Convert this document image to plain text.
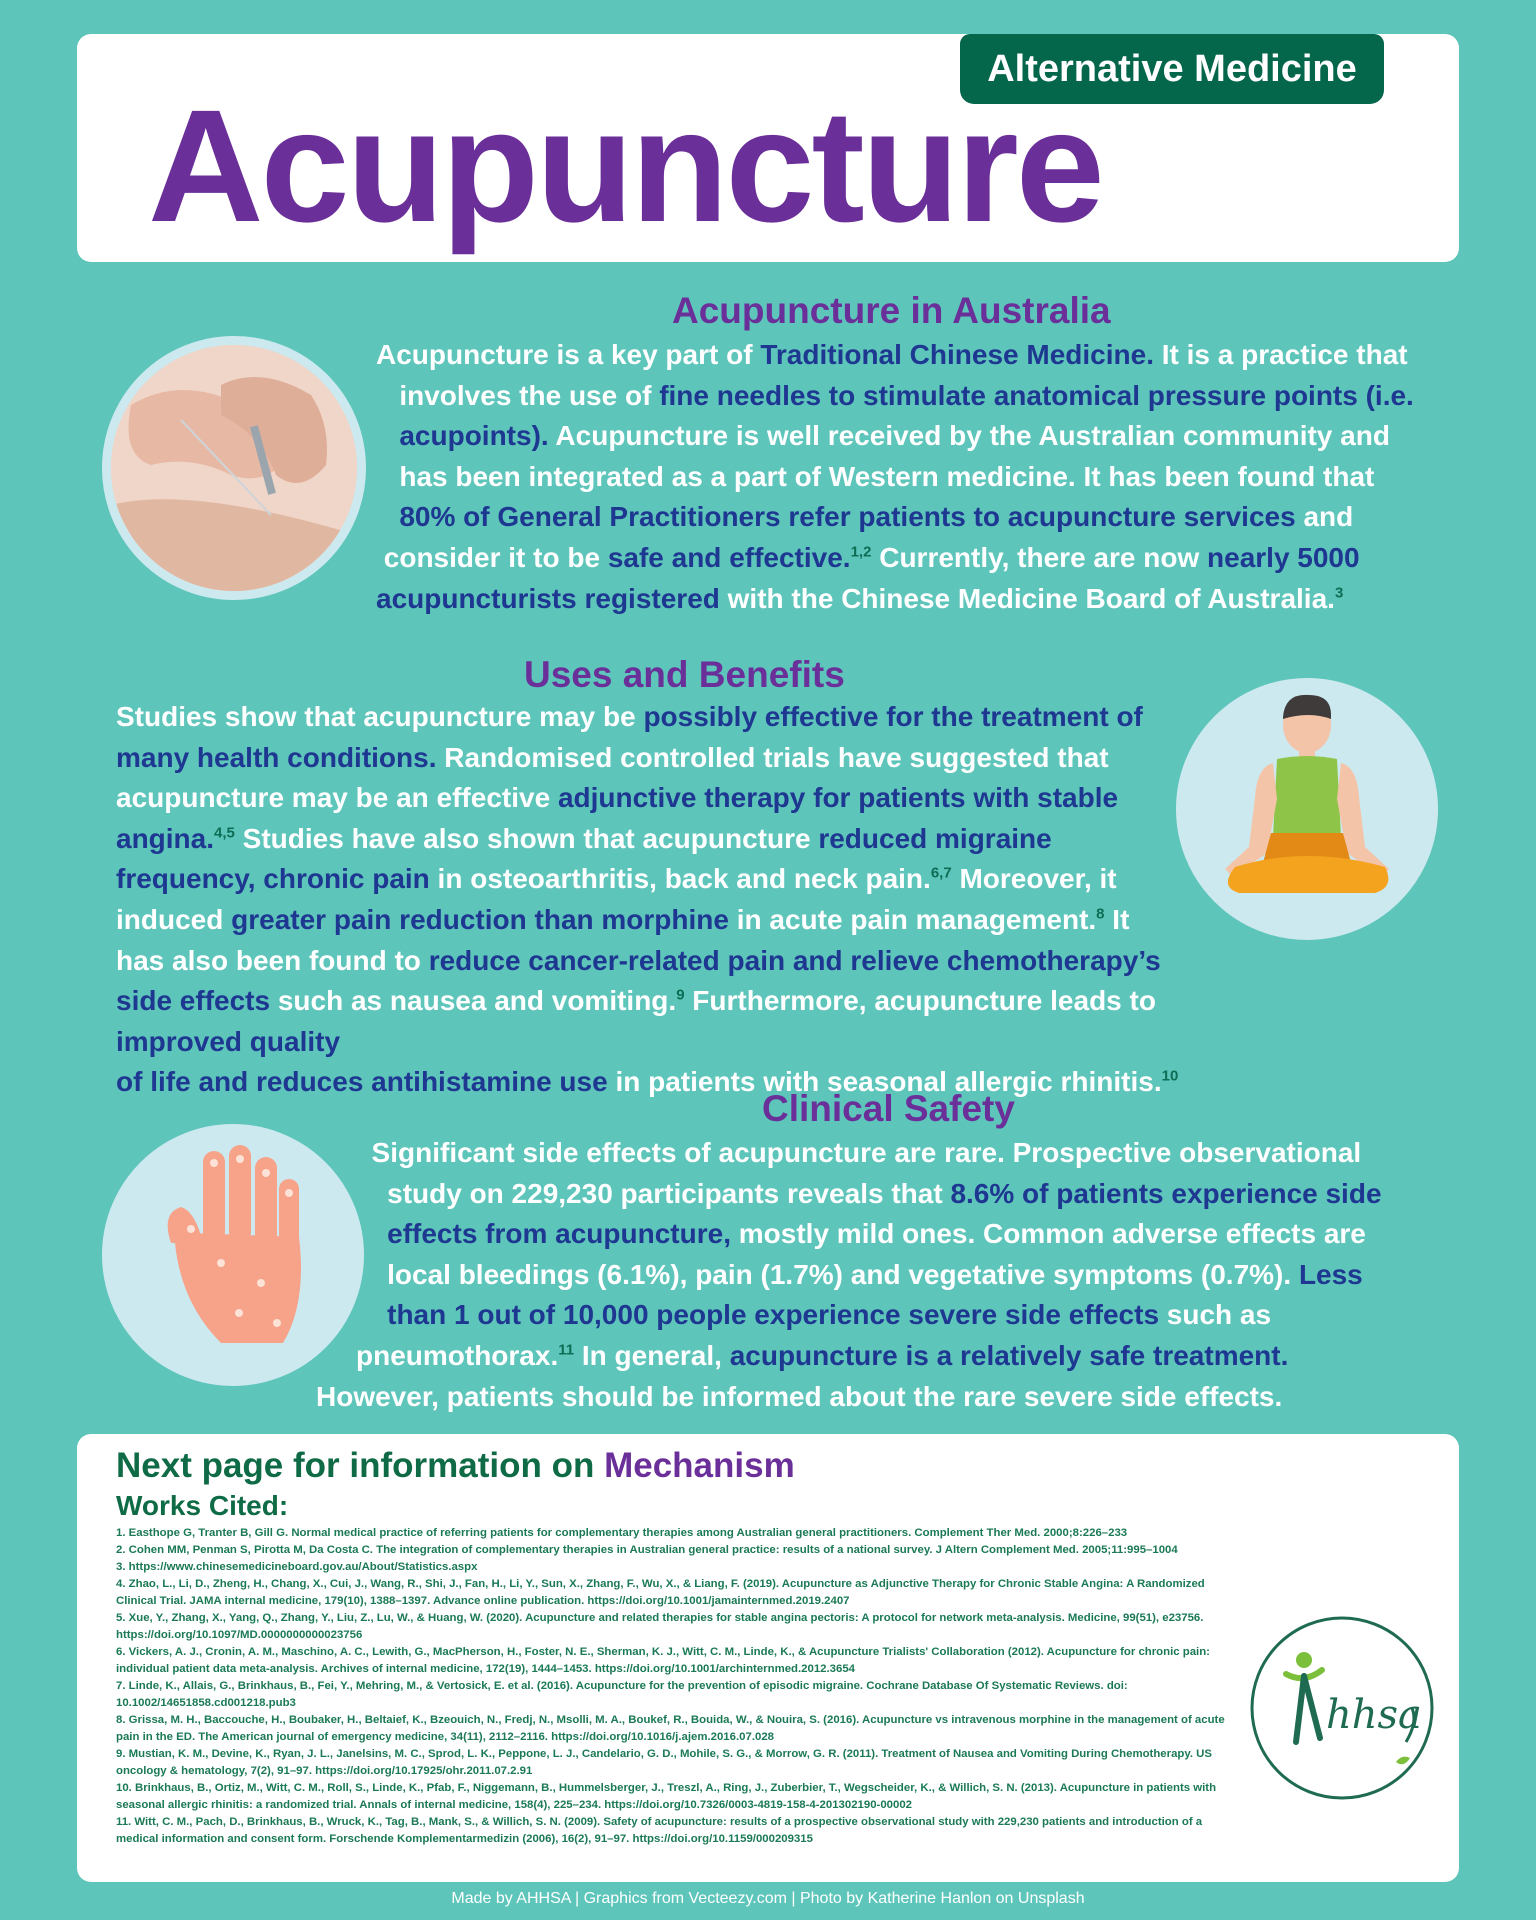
Alternative Medicine
Acupuncture
Acupuncture in Australia

Acupuncture is a key part of Traditional Chinese Medicine. It is a practice that
involves the use of fine needles to stimulate anatomical pressure points (i.e.
acupoints). Acupuncture is well received by the Australian community and
has been integrated as a part of Western medicine. It has been found that
80% of General Practitioners refer patients to acupuncture services and
consider it to be safe and effective.$^{1,2}$ Currently, there are now nearly 5000
acupuncturists registered with the Chinese Medicine Board of Australia.$^3$

Uses and Benefits

Studies show that acupuncture may be possibly effective for the treatment of
many health conditions. Randomised controlled trials have suggested that
acupuncture may be an effective adjunctive therapy for patients with stable
angina.$^{4,5}$ Studies have also shown that acupuncture reduced migraine
frequency, chronic pain in osteoarthritis, back and neck pain.$^{6,7}$ Moreover, it
induced greater pain reduction than morphine in acute pain management.$^8$ It
has also been found to reduce cancer-related pain and relieve chemotherapy’s
side effects such as nausea and vomiting.$^9$ Furthermore, acupuncture leads to improved quality
of life and reduces antihistamine use in patients with seasonal allergic rhinitis.$^{10}$

Clinical Safety

Significant side effects of acupuncture are rare. Prospective observational
study on 229,230 participants reveals that 8.6% of patients experience side
effects from acupuncture, mostly mild ones. Common adverse effects are
local bleedings (6.1%), pain (1.7%) and vegetative symptoms (0.7%). Less
than 1 out of 10,000 people experience severe side effects such as
pneumothorax.$^{11}$ In general, acupuncture is a relatively safe treatment.
However, patients should be informed about the rare severe side effects.

Next page for information on Mechanism

Works Cited:

1. Easthope G, Tranter B, Gill G. Normal medical practice of referring patients for complementary therapies among Australian general practitioners. Complement Ther Med. 2000;8:226–233
2. Cohen MM, Penman S, Pirotta M, Da Costa C. The integration of complementary therapies in Australian general practice: results of a national survey. J Altern Complement Med. 2005;11:995–1004
3. https://www.chinesemedicineboard.gov.au/About/Statistics.aspx
4. Zhao, L., Li, D., Zheng, H., Chang, X., Cui, J., Wang, R., Shi, J., Fan, H., Li, Y., Sun, X., Zhang, F., Wu, X., & Liang, F. (2019). Acupuncture as Adjunctive Therapy for Chronic Stable Angina: A Randomized Clinical Trial. JAMA internal medicine, 179(10), 1388–1397. Advance online publication. https://doi.org/10.1001/jamainternmed.2019.2407
5. Xue, Y., Zhang, X., Yang, Q., Zhang, Y., Liu, Z., Lu, W., & Huang, W. (2020). Acupuncture and related therapies for stable angina pectoris: A protocol for network meta-analysis. Medicine, 99(51), e23756. https://doi.org/10.1097/MD.0000000000023756
6. Vickers, A. J., Cronin, A. M., Maschino, A. C., Lewith, G., MacPherson, H., Foster, N. E., Sherman, K. J., Witt, C. M., Linde, K., & Acupuncture Trialists' Collaboration (2012). Acupuncture for chronic pain: individual patient data meta-analysis. Archives of internal medicine, 172(19), 1444–1453. https://doi.org/10.1001/archinternmed.2012.3654
7. Linde, K., Allais, G., Brinkhaus, B., Fei, Y., Mehring, M., & Vertosick, E. et al. (2016). Acupuncture for the prevention of episodic migraine. Cochrane Database Of Systematic Reviews. doi: 10.1002/14651858.cd001218.pub3
8. Grissa, M. H., Baccouche, H., Boubaker, H., Beltaief, K., Bzeouich, N., Fredj, N., Msolli, M. A., Boukef, R., Bouida, W., & Nouira, S. (2016). Acupuncture vs intravenous morphine in the management of acute pain in the ED. The American journal of emergency medicine, 34(11), 2112–2116. https://doi.org/10.1016/j.ajem.2016.07.028
9. Mustian, K. M., Devine, K., Ryan, J. L., Janelsins, M. C., Sprod, L. K., Peppone, L. J., Candelario, G. D., Mohile, S. G., & Morrow, G. R. (2011). Treatment of Nausea and Vomiting During Chemotherapy. US oncology & hematology, 7(2), 91–97. https://doi.org/10.17925/ohr.2011.07.2.91
10. Brinkhaus, B., Ortiz, M., Witt, C. M., Roll, S., Linde, K., Pfab, F., Niggemann, B., Hummelsberger, J., Treszl, A., Ring, J., Zuberbier, T., Wegscheider, K., & Willich, S. N. (2013). Acupuncture in patients with seasonal allergic rhinitis: a randomized trial. Annals of internal medicine, 158(4), 225–234. https://doi.org/10.7326/0003-4819-158-4-201302190-00002
11. Witt, C. M., Pach, D., Brinkhaus, B., Wruck, K., Tag, B., Mank, S., & Willich, S. N. (2009). Safety of acupuncture: results of a prospective observational study with 229,230 patients and introduction of a medical information and consent form. Forschende Komplementarmedizin (2006), 16(2), 91–97. https://doi.org/10.1159/000209315
hhsa
Made by AHHSA | Graphics from Vecteezy.com | Photo by Katherine Hanlon on Unsplash
